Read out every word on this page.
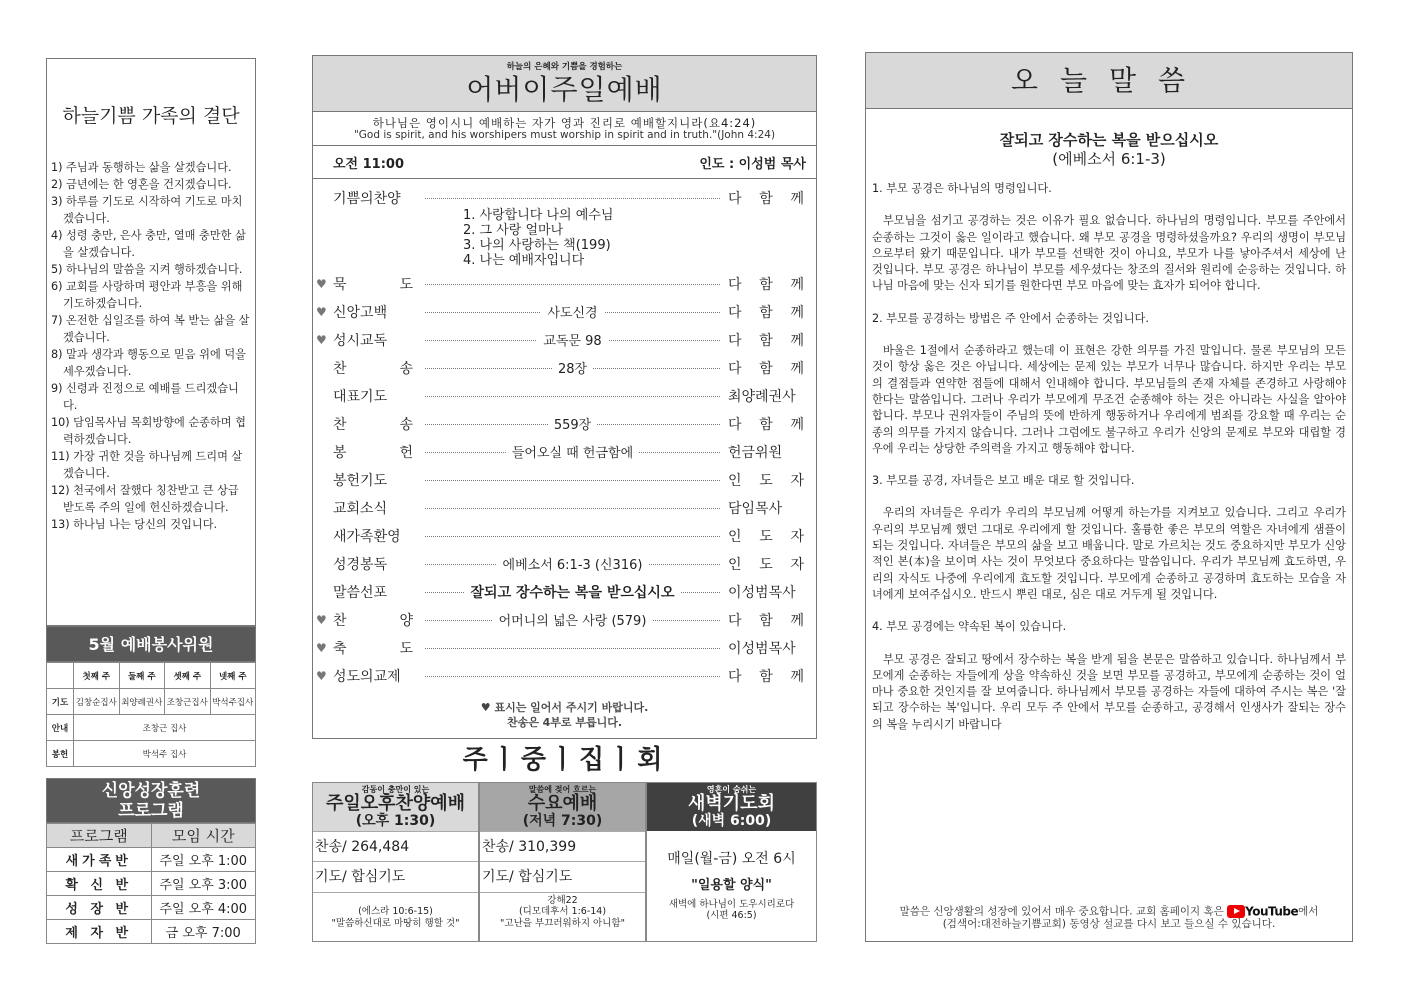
하늘기쁨 가족의 결단
1) 주님과 동행하는 삶을 살겠습니다.
2) 금년에는 한 영혼을 건지겠습니다.
3) 하루를 기도로 시작하여 기도로 마치겠습니다.
4) 성령 충만, 은사 충만, 열매 충만한 삶을 살겠습니다.
5) 하나님의 말씀을 지켜 행하겠습니다.
6) 교회를 사랑하며 평안과 부흥을 위해 기도하겠습니다.
7) 온전한 십일조를 하여 복 받는 삶을 살겠습니다.
8) 말과 생각과 행동으로 믿음 위에 덕을 세우겠습니다.
9) 신령과 진정으로 예배를 드리겠습니다.
10) 담임목사님 목회방향에 순종하며 협력하겠습니다.
11) 가장 귀한 것을 하나님께 드리며 살겠습니다.
12) 천국에서 잘했다 칭찬받고 큰 상급 받도록 주의 일에 헌신하겠습니다.
13) 하나님 나는 당신의 것입니다.
5월 예배봉사위원
	첫째 주	둘째 주	셋째 주	넷째 주
기도	김창순집사	최양례권사	조창근집사	박석주집사
안내	조창근 집사			
봉헌	박석주 집사			
신앙성장훈련
프로그램
프로그램	모임 시간
새가족반	주일 오후 1:00
확 신 반	주일 오후 3:00
성 장 반	주일 오후 4:00
제 자 반	금 오후 7:00
하늘의 은혜와 기쁨을 경험하는
어버이주일예배
하나님은 영이시니 예배하는 자가 영과 진리로 예배할지니라(요4:24)
"God is spirit, and his worshipers must worship in spirit and in truth."(John 4:24)
오전 11:00	인도 : 이성범 목사
1. 사랑합니다 나의 예수님
2. 그 사랑 얼마나
3. 나의 사랑하는 책(199)
4. 나는 예배자입니다
기쁨의찬양	다 함 께
♥ 묵 도	다 함 께
♥ 신앙고백	사도신경	다 함 께
♥ 성시교독	교독문 98	다 함 께
찬 송	28장	다 함 께
대표기도	최양례권사
찬 송	559장	다 함 께
봉 헌	들어오실 때 헌금함에	헌금위원
봉헌기도	인 도 자
교회소식	담임목사
새가족환영	인 도 자
성경봉독	에베소서 6:1-3 (신316)	인 도 자
말씀선포	잘되고 장수하는 복을 받으십시오	이성범목사
♥ 찬 양	어머니의 넓은 사랑 (579)	다 함 께
♥ 축 도	이성범목사
♥ 성도의교제	다 함 께
♥ 표시는 일어서 주시기 바랍니다.
찬송은 4부로 부릅니다.
주ㅣ중ㅣ집ㅣ회
감동이 충만이 있는
주일오후찬양예배
(오후 1:30)
찬송/ 264,484
기도/ 합심기도
(에스라 10:6-15)
"말씀하신대로 마땅히 행할 것"
말씀에 젖어 흐르는
수요예배
(저녁 7:30)
찬송/ 310,399
기도/ 합심기도
강해22
(디모데후서 1:6-14)
"고난을 부끄러워하지 아니함"
영혼이 숨쉬는
새벽기도회
(새벽 6:00)
매일(월-금) 오전 6시
"일용할 양식"
새벽에 하나님이 도우시리로다
(시편 46:5)
오늘말씀
잘되고 장수하는 복을 받으십시오
(에베소서 6:1-3)

1. 부모 공경은 하나님의 명령입니다.

부모님을 섬기고 공경하는 것은 이유가 필요 없습니다. 하나님의 명령입니다. 부모를 주안에서 순종하는 그것이 옳은 일이라고 했습니다. 왜 부모 공경을 명령하셨을까요? 우리의 생명이 부모님으로부터 왔기 때문입니다. 내가 부모를 선택한 것이 아니요, 부모가 나를 낳아주셔서 세상에 난 것입니다. 부모 공경은 하나님이 부모를 세우셨다는 창조의 질서와 원리에 순응하는 것입니다. 하나님 마음에 맞는 신자 되기를 원한다면 부모 마음에 맞는 효자가 되어야 합니다.

2. 부모를 공경하는 방법은 주 안에서 순종하는 것입니다.

바울은 1절에서 순종하라고 했는데 이 표현은 강한 의무를 가진 말입니다. 물론 부모님의 모든 것이 항상 옳은 것은 아닙니다. 세상에는 문제 있는 부모가 너무나 많습니다. 하지만 우리는 부모의 결점들과 연약한 점들에 대해서 인내해야 합니다. 부모님들의 존재 자체를 존경하고 사랑해야 한다는 말씀입니다. 그러나 우리가 부모에게 무조건 순종해야 하는 것은 아니라는 사실을 알아야 합니다. 부모나 권위자들이 주님의 뜻에 반하게 행동하거나 우리에게 범죄를 강요할 때 우리는 순종의 의무를 가지지 않습니다. 그러나 그럼에도 불구하고 우리가 신앙의 문제로 부모와 대립할 경우에 우리는 상당한 주의력을 가지고 행동해야 합니다.

3. 부모를 공경, 자녀들은 보고 배운 대로 할 것입니다.

우리의 자녀들은 우리가 우리의 부모님께 어떻게 하는가를 지켜보고 있습니다. 그리고 우리가 우리의 부모님께 했던 그대로 우리에게 할 것입니다. 훌륭한 좋은 부모의 역할은 자녀에게 샘플이 되는 것입니다. 자녀들은 부모의 삶을 보고 배웁니다. 말로 가르치는 것도 중요하지만 부모가 신앙적인 본(本)을 보이며 사는 것이 무엇보다 중요하다는 말씀입니다. 우리가 부모님께 효도하면, 우리의 자식도 나중에 우리에게 효도할 것입니다. 부모에게 순종하고 공경하며 효도하는 모습을 자녀에게 보여주십시오. 반드시 뿌린 대로, 심은 대로 거두게 될 것입니다.

4. 부모 공경에는 약속된 복이 있습니다.

부모 공경은 잘되고 땅에서 장수하는 복을 받게 됨을 본문은 말씀하고 있습니다. 하나님께서 부모에게 순종하는 자들에게 상을 약속하신 것을 보면 부모를 공경하고, 부모에게 순종하는 것이 얼마나 중요한 것인지를 잘 보여줍니다. 하나님께서 부모를 공경하는 자들에 대하여 주시는 복은 '잘되고 장수하는 복'입니다. 우리 모두 주 안에서 부모를 순종하고, 공경해서 인생사가 잘되는 장수의 복을 누리시기 바랍니다

말씀은 신앙생활의 성장에 있어서 매우 중요합니다. 교회 홈페이지 혹은 YouTube에서
(검색어:대전하늘기쁨교회) 동영상 설교를 다시 보고 들으실 수 있습니다.
